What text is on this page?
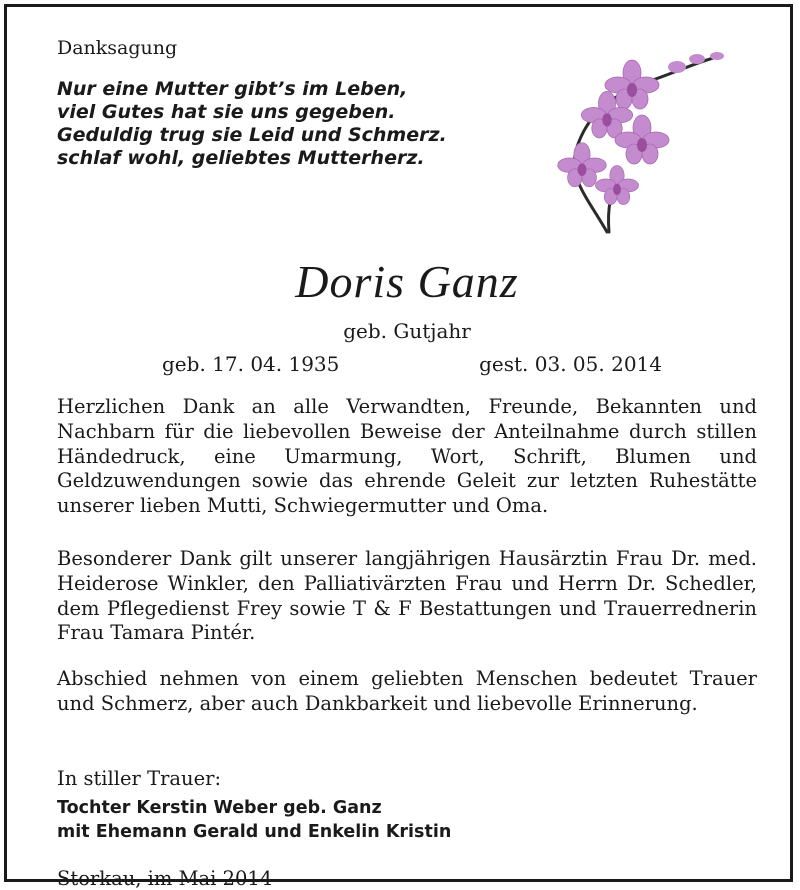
Danksagung

Nur eine Mutter gibt’s im Leben,
viel Gutes hat sie uns gegeben.
Geduldig trug sie Leid und Schmerz.
schlaf wohl, geliebtes Mutterherz.
Doris Ganz
geb. Gutjahr
geb. 17. 04. 1935	gest. 03. 05. 2014
Herzlichen Dank an alle Verwandten, Freunde, Bekannten und Nachbarn für die liebevollen Beweise der Anteilnahme durch stillen Händedruck, eine Umarmung, Wort, Schrift, Blumen und Geldzuwendungen sowie das ehrende Geleit zur letzten Ruhestätte unserer lieben Mutti, Schwiegermutter und Oma.
Besonderer Dank gilt unserer langjährigen Hausärztin Frau Dr. med. Heiderose Winkler, den Palliativärzten Frau und Herrn Dr. Schedler, dem Pflegedienst Frey sowie T & F Bestattungen und Trauerrednerin Frau Tamara Pintér.
Abschied nehmen von einem geliebten Menschen bedeutet Trauer und Schmerz, aber auch Dankbarkeit und liebevolle Erinnerung.
In stiller Trauer:
Tochter Kerstin Weber geb. Ganz
mit Ehemann Gerald und Enkelin Kristin
Storkau, im Mai 2014
